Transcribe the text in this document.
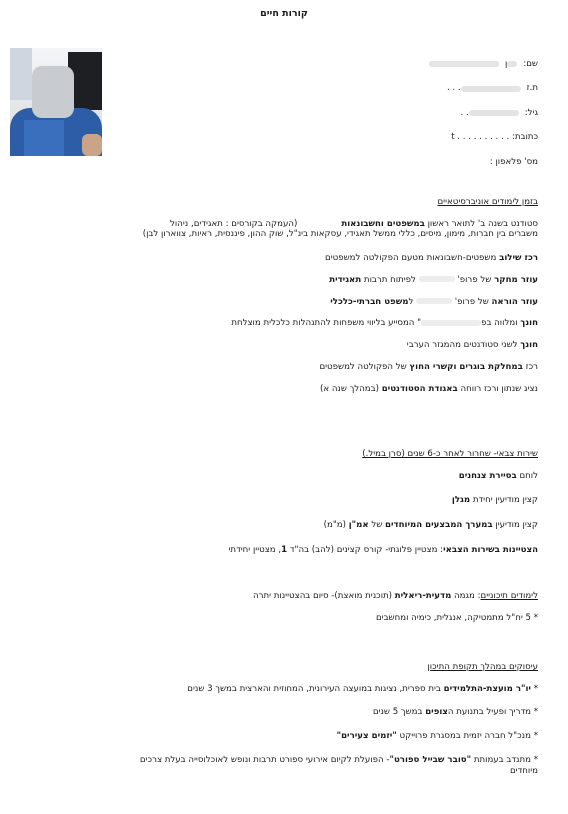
קורות חיים
שם:
ן
ת.ז
. . .
גיל:
. .
כתובת:

. . . . . . . . . . t
מס' פלאפון

:
בזמן לימודים אוניברסיטאיים
סטודנט בשנה ב' לתואר ראשון במשפטים וחשבונאות(העמקה בקורסים : תאגידים, ניהול
משברים בין חברות, מימון, מיסים, כללי ממשל תאגידי, עסקאות בינ"ל, שוק ההון, פיננסית, ראיות, צווארון לבן)
רכז שילוב משפטים-חשבונאות מטעם הפקולטה למשפטים
עוזר מחקר של פרופ'  לפיתוח תרבות תאגידית
עוזר הוראה של פרופ'  למשפט חברתי-כלכלי
חונך ומלווה בפ" המסייע בליווי משפחות להתנהלות כלכלית מוצלחת
חונך לשני סטודנטים מהמגזר הערבי
רכז במחלקת בוגרים וקשרי החוץ של הפקולטה למשפטים
נציג שנתון ורכז רווחה באגודת הסטודנטים (במהלך שנה א)
שירות צבאי- שחרור לאחר כ-6 שנים (סרן במיל.)
לוחם בסיירת צנחנים
קצין מודיעין יחידת מגלן
קצין מודיעין במערך המבצעים המיוחדים של אמ"ן (מ"מ)
הצטיינות בשירות הצבאי: מצטיין פלוגתי- קורס קצינים (להב) בה"ד 1, מצטיין יחידתי
לימודים תיכוניים: מגמה מדעית-ריאלית (תוכנית מואצת)- סיום בהצטיינות יתרה
* 5 יח"ל מתמטיקה, אנגלית, כימיה ומחשבים
עיסוקים במהלך תקופת התיכון
* יו"ר מועצת-התלמידים בית ספרית, נציגות במועצה העירונית, המחוזית והארצית במשך 3 שנים
* מדריך ופעיל בתנועת הצופים במשך 5 שנים
* מנכ"ל חברה יזמית במסגרת פרוייקט "יזמים צעירים"
* מתנדב בעמותת "סובר שבייל ספורט"- הפועלת לקיום אירועי ספורט תרבות ונופש לאוכלוסייה בעלת צרכים
מיוחדים
